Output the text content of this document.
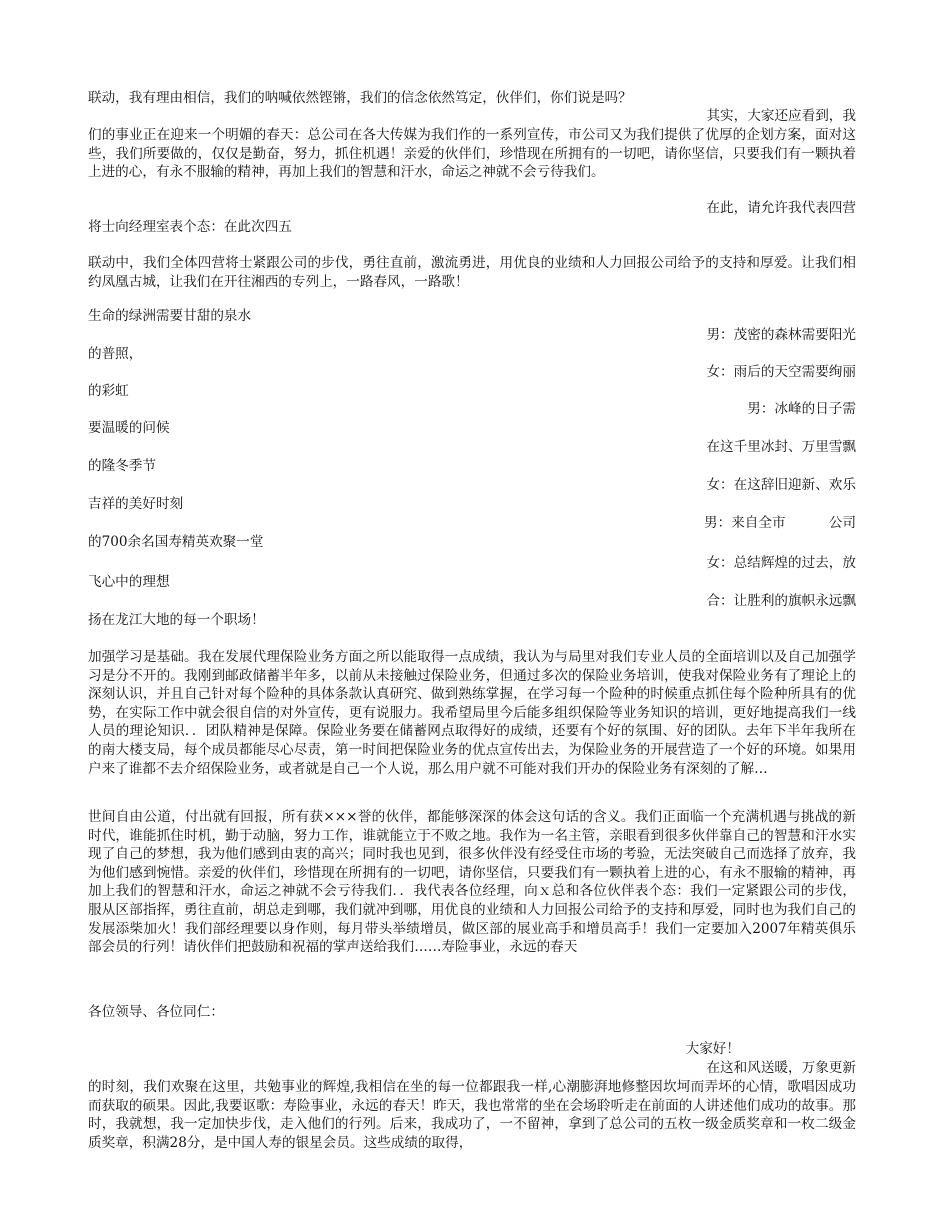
联动，我有理由相信，我们的呐喊依然铿锵，我们的信念依然笃定，伙伴们，你们说是吗？
其实，大家还应看到，我
们的事业正在迎来一个明媚的春天：总公司在各大传媒为我们作的一系列宣传，市公司又为我们提供了优厚的企划方案，面对这些，我们所要做的，仅仅是勤奋，努力，抓住机遇！亲爱的伙伴们，珍惜现在所拥有的一切吧，请你坚信，只要我们有一颗执着上进的心，有永不服输的精神，再加上我们的智慧和汗水，命运之神就不会亏待我们。
在此，请允许我代表四营
将士向经理室表个态：在此次四五
联动中，我们全体四营将士紧跟公司的步伐，勇往直前，激流勇进，用优良的业绩和人力回报公司给予的支持和厚爱。让我们相约凤凰古城，让我们在开往湘西的专列上，一路春风，一路歌！
生命的绿洲需要甘甜的泉水
男：茂密的森林需要阳光
的普照，
女：雨后的天空需要绚丽
的彩虹
男：冰峰的日子需
要温暖的问候
在这千里冰封、万里雪飘
的隆冬季节
女：在这辞旧迎新、欢乐
吉祥的美好时刻
男：来自全市          公司
的700余名国寿精英欢聚一堂
女：总结辉煌的过去，放
飞心中的理想
合：让胜利的旗帜永远飘
扬在龙江大地的每一个职场！
加强学习是基础。我在发展代理保险业务方面之所以能取得一点成绩，我认为与局里对我们专业人员的全面培训以及自己加强学习是分不开的。我刚到邮政储蓄半年多，以前从未接触过保险业务，但通过多次的保险业务培训，使我对保险业务有了理论上的深刻认识，并且自己针对每个险种的具体条款认真研究、做到熟练掌握，在学习每一个险种的时候重点抓住每个险种所具有的优势，在实际工作中就会很自信的对外宣传，更有说服力。我希望局里今后能多组织保险等业务知识的培训，更好地提高我们一线人员的理论知识．．团队精神是保障。保险业务要在储蓄网点取得好的成绩，还要有个好的氛围、好的团队。去年下半年我所在的南大楼支局，每个成员都能尽心尽责，第一时间把保险业务的优点宣传出去，为保险业务的开展营造了一个好的环境。如果用户来了谁都不去介绍保险业务，或者就是自己一个人说，那么用户就不可能对我们开办的保险业务有深刻的了解…
世间自由公道，付出就有回报，所有获×××誉的伙伴，都能够深深的体会这句话的含义。我们正面临一个充满机遇与挑战的新时代，谁能抓住时机，勤于动脑，努力工作，谁就能立于不败之地。我作为一名主管，亲眼看到很多伙伴靠自己的智慧和汗水实现了自己的梦想，我为他们感到由衷的高兴；同时我也见到，很多伙伴没有经受住市场的考验，无法突破自己而选择了放弃，我为他们感到惋惜。亲爱的伙伴们，珍惜现在所拥有的一切吧，请你坚信，只要我们有一颗执着上进的心，有永不服输的精神，再加上我们的智慧和汗水，命运之神就不会亏待我们．．我代表各位经理，向ｘ总和各位伙伴表个态：我们一定紧跟公司的步伐，服从区部指挥，勇往直前，胡总走到哪，我们就冲到哪，用优良的业绩和人力回报公司给予的支持和厚爱，同时也为我们自己的发展添柴加火！我们部经理要以身作则，每月带头举绩增员，做区部的展业高手和增员高手！我们一定要加入2007年精英俱乐部会员的行列！请伙伴们把鼓励和祝福的掌声送给我们……寿险事业，永远的春天
各位领导、各位同仁：
大家好！
在这和风送暖，万象更新
的时刻，我们欢聚在这里，共勉事业的辉煌,我相信在坐的每一位都跟我一样,心潮膨湃地修整因坎坷而弄坏的心情，歌唱因成功而获取的硕果。因此,我要讴歌：寿险事业，永远的春天！昨天，我也常常的坐在会场聆听走在前面的人讲述他们成功的故事。那时，我就想，我一定加快步伐，走入他们的行列。后来，我成功了，一不留神，拿到了总公司的五枚一级金质奖章和一枚二级金质奖章，积满28分，是中国人寿的银星会员。这些成绩的取得，
